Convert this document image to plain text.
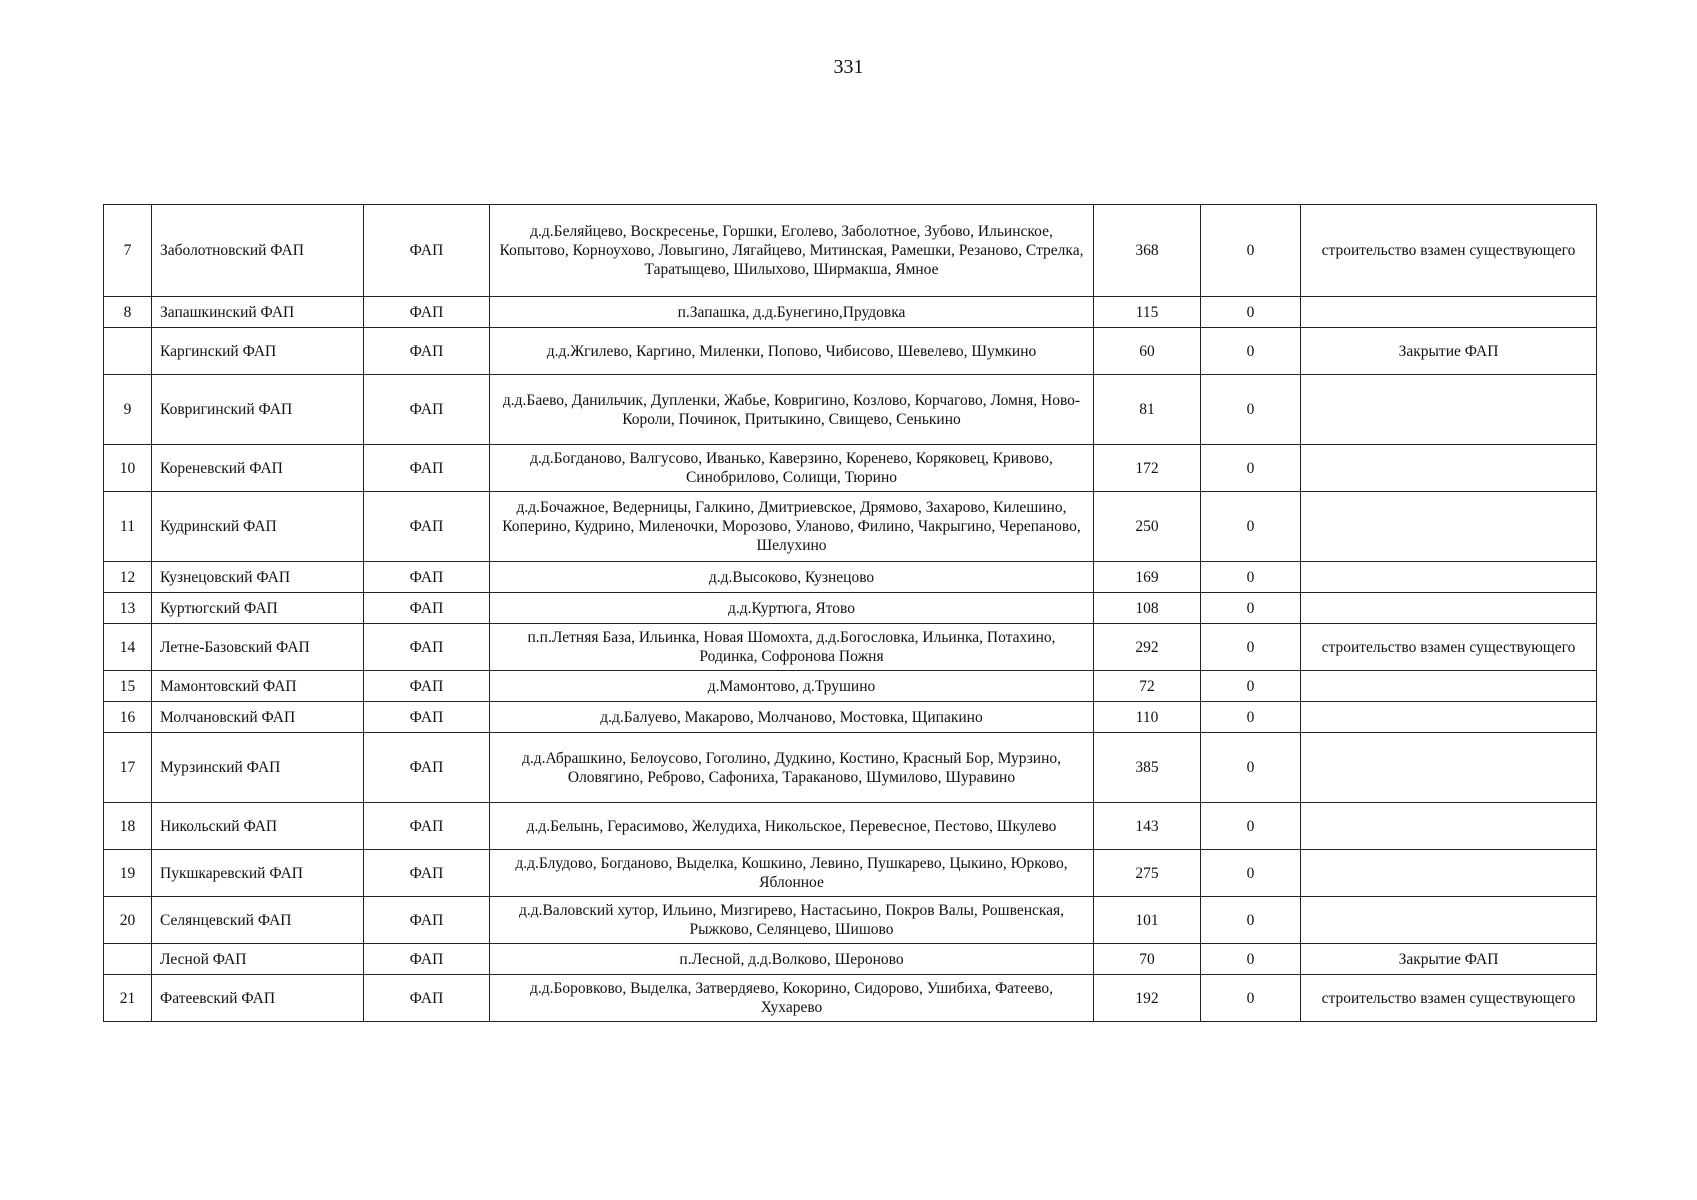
331
7	Заболотновский ФАП	ФАП	д.д.Беляйцево, Воскресенье, Горшки, Еголево, Заболотное, Зубово, Ильинское, Копытово, Корноухово, Ловыгино, Лягайцево, Митинская, Рамешки, Резаново, Стрелка, Таратыщево, Шилыхово, Ширмакша, Ямное	368	0	строительство взамен существующего
8	Запашкинский ФАП	ФАП	п.Запашка, д.д.Бунегино,Прудовка	115	0	
	Каргинский ФАП	ФАП	д.д.Жгилево, Каргино, Миленки, Попово, Чибисово, Шевелево, Шумкино	60	0	Закрытие ФАП
9	Ковригинский ФАП	ФАП	д.д.Баево, Данильчик, Дупленки, Жабье, Ковригино, Козлово, Корчагово, Ломня, Ново-Короли, Починок, Притыкино, Свищево, Сенькино	81	0	
10	Кореневский ФАП	ФАП	д.д.Богданово, Валгусово, Иванько, Каверзино, Коренево, Коряковец, Кривово, Синобрилово, Солищи, Тюрино	172	0	
11	Кудринский ФАП	ФАП	д.д.Бочажное, Ведерницы, Галкино, Дмитриевское, Дрямово, Захарово, Килешино, Коперино, Кудрино, Миленочки, Морозово, Уланово, Филино, Чакрыгино, Черепаново, Шелухино	250	0	
12	Кузнецовский ФАП	ФАП	д.д.Высоково, Кузнецово	169	0	
13	Куртюгский ФАП	ФАП	д.д.Куртюга, Ятово	108	0	
14	Летне-Базовский ФАП	ФАП	п.п.Летняя База, Ильинка, Новая Шомохта, д.д.Богословка, Ильинка, Потахино, Родинка, Софронова Пожня	292	0	строительство взамен существующего
15	Мамонтовский ФАП	ФАП	д.Мамонтово, д.Трушино	72	0	
16	Молчановский ФАП	ФАП	д.д.Балуево, Макарово, Молчаново, Мостовка, Щипакино	110	0	
17	Мурзинский ФАП	ФАП	д.д.Абрашкино, Белоусово, Гоголино, Дудкино, Костино, Красный Бор, Мурзино, Оловягино, Реброво, Сафониха, Тараканово, Шумилово, Шуравино	385	0	
18	Никольский ФАП	ФАП	д.д.Белынь, Герасимово, Желудиха, Никольское, Перевесное, Пестово, Шкулево	143	0	
19	Пукшкаревский ФАП	ФАП	д.д.Блудово, Богданово, Выделка, Кошкино, Левино, Пушкарево, Цыкино, Юрково, Яблонное	275	0	
20	Селянцевский ФАП	ФАП	д.д.Валовский хутор, Ильино, Мизгирево, Настасьино, Покров Валы, Рошвенская, Рыжково, Селянцево, Шишово	101	0	
	Лесной ФАП	ФАП	п.Лесной, д.д.Волково, Шероново	70	0	Закрытие ФАП
21	Фатеевский ФАП	ФАП	д.д.Боровково, Выделка, Затвердяево, Кокорино, Сидорово, Ушибиха, Фатеево, Хухарево	192	0	строительство взамен существующего
